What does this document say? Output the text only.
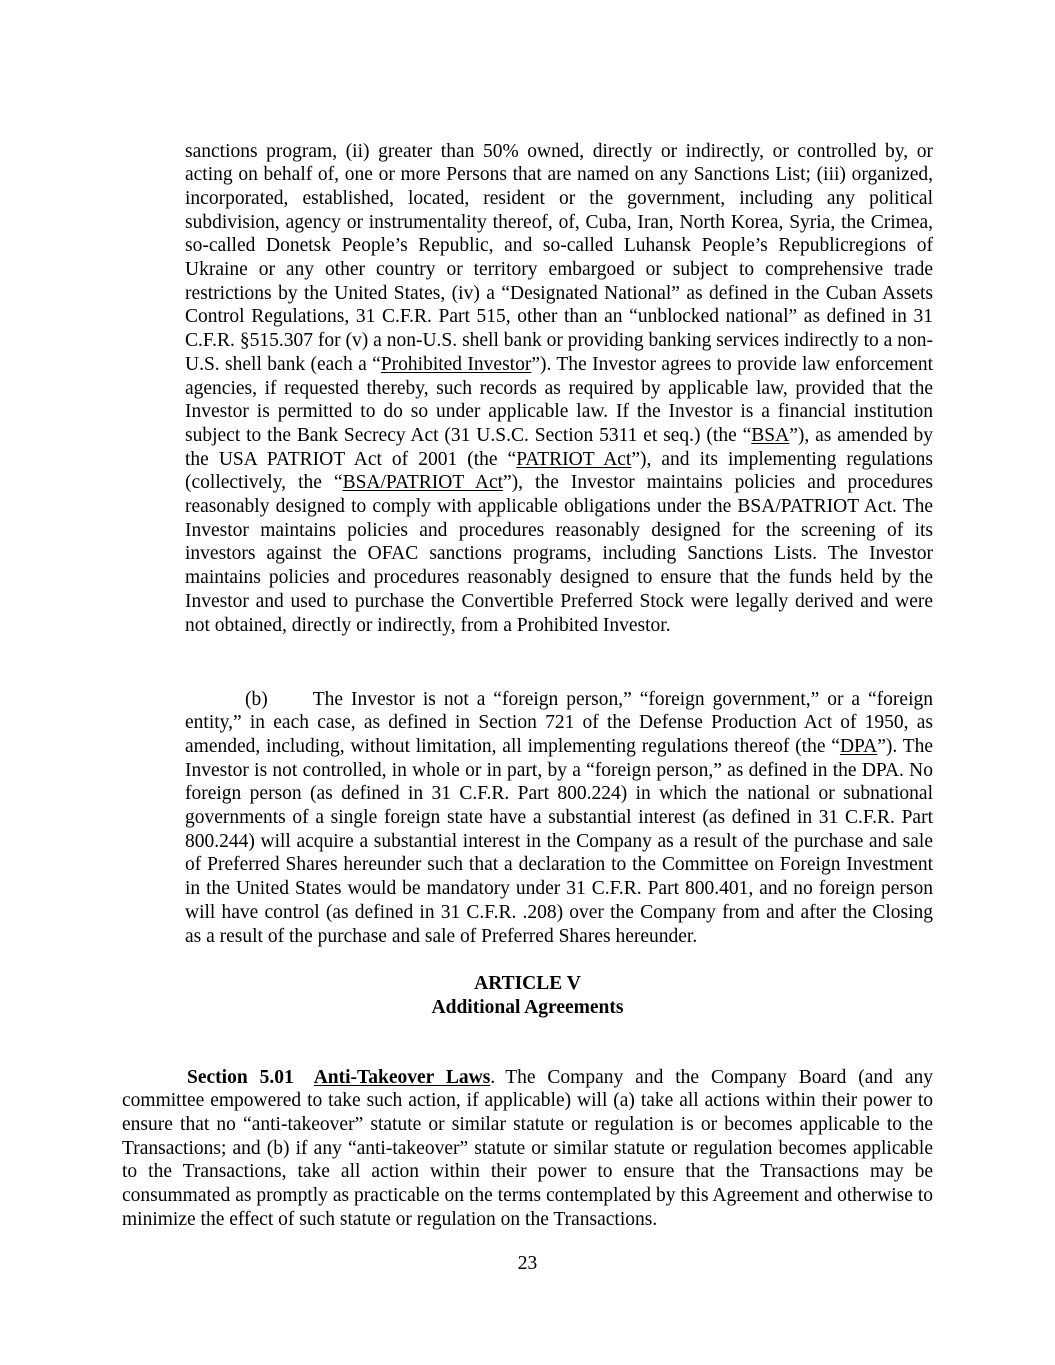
sanctions program, (ii) greater than 50% owned, directly or indirectly, or controlled by, or acting on behalf of, one or more Persons that are named on any Sanctions List; (iii) organized, incorporated, established, located, resident or the government, including any political subdivision, agency or instrumentality thereof, of, Cuba, Iran, North Korea, Syria, the Crimea, so-called Donetsk People’s Republic, and so-called Luhansk People’s Republicregions of Ukraine or any other country or territory embargoed or subject to comprehensive trade restrictions by the United States, (iv) a “Designated National” as defined in the Cuban Assets Control Regulations, 31 C.F.R. Part 515, other than an “unblocked national” as defined in 31 C.F.R. §515.307 for (v) a non-U.S. shell bank or providing banking services indirectly to a non-U.S. shell bank (each a “Prohibited Investor”). The Investor agrees to provide law enforcement agencies, if requested thereby, such records as required by applicable law, provided that the Investor is permitted to do so under applicable law. If the Investor is a financial institution subject to the Bank Secrecy Act (31 U.S.C. Section 5311 et seq.) (the “BSA”), as amended by the USA PATRIOT Act of 2001 (the “PATRIOT Act”), and its implementing regulations (collectively, the “BSA/PATRIOT Act”), the Investor maintains policies and procedures reasonably designed to comply with applicable obligations under the BSA/PATRIOT Act. The Investor maintains policies and procedures reasonably designed for the screening of its investors against the OFAC sanctions programs, including Sanctions Lists. The Investor maintains policies and procedures reasonably designed to ensure that the funds held by the Investor and used to purchase the Convertible Preferred Stock were legally derived and were not obtained, directly or indirectly, from a Prohibited Investor.

(b) The Investor is not a “foreign person,” “foreign government,” or a “foreign entity,” in each case, as defined in Section 721 of the Defense Production Act of 1950, as amended, including, without limitation, all implementing regulations thereof (the “DPA”). The Investor is not controlled, in whole or in part, by a “foreign person,” as defined in the DPA. No foreign person (as defined in 31 C.F.R. Part 800.224) in which the national or subnational governments of a single foreign state have a substantial interest (as defined in 31 C.F.R. Part 800.244) will acquire a substantial interest in the Company as a result of the purchase and sale of Preferred Shares hereunder such that a declaration to the Committee on Foreign Investment in the United States would be mandatory under 31 C.F.R. Part 800.401, and no foreign person will have control (as defined in 31 C.F.R. .208) over the Company from and after the Closing as a result of the purchase and sale of Preferred Shares hereunder.

ARTICLE V
Additional Agreements

Section 5.01 Anti-Takeover Laws. The Company and the Company Board (and any committee empowered to take such action, if applicable) will (a) take all actions within their power to ensure that no “anti-takeover” statute or similar statute or regulation is or becomes applicable to the Transactions; and (b) if any “anti-takeover” statute or similar statute or regulation becomes applicable to the Transactions, take all action within their power to ensure that the Transactions may be consummated as promptly as practicable on the terms contemplated by this Agreement and otherwise to minimize the effect of such statute or regulation on the Transactions.

23
